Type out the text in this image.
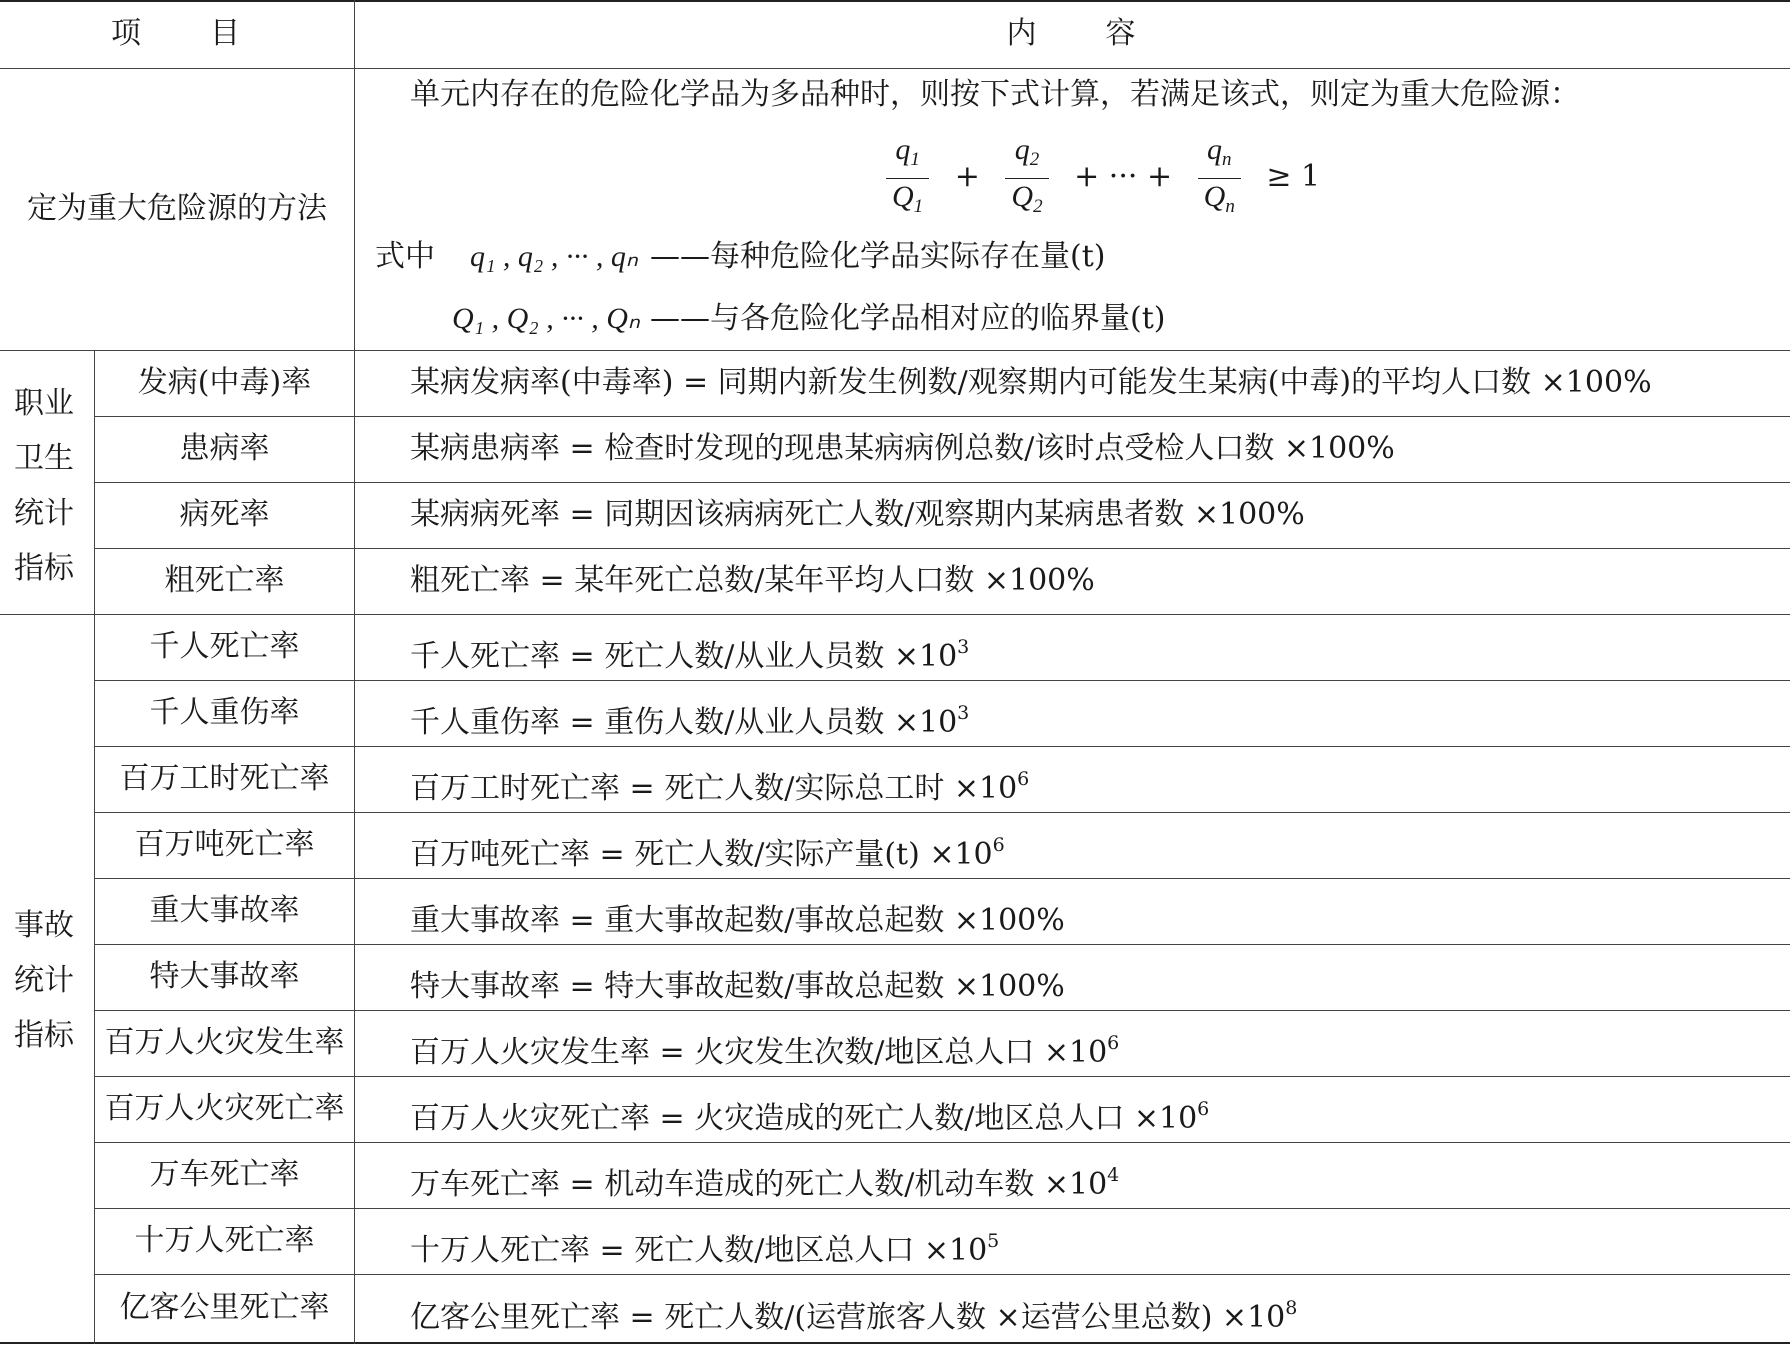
项　　目	内　　容
定为重大危险源的方法
单元内存在的危险化学品为多品种时，则按下式计算，若满足该式，则定为重大危险源：
$\frac{q_1}{Q_1} + \frac{q_2}{Q_2}$ + ··· + $\frac{q_n}{Q_n} \ge 1$
式中 q₁ , q₂ , ··· , qₙ ——每种危险化学品实际存在量(t)
Q₁ , Q₂ , ··· , Qₙ ——与各危险化学品相对应的临界量(t)
职业卫生统计指标
发病(中毒)率	某病发病率(中毒率) = 同期内新发生例数/观察期内可能发生某病(中毒)的平均人口数 ×100%
患病率	某病患病率 = 检查时发现的现患某病病例总数/该时点受检人口数 ×100%
病死率	某病病死率 = 同期因该病病死亡人数/观察期内某病患者数 ×100%
粗死亡率	粗死亡率 = 某年死亡总数/某年平均人口数 ×100%
事故统计指标
千人死亡率	千人死亡率 = 死亡人数/从业人员数 $\times 10^3$
千人重伤率	千人重伤率 = 重伤人数/从业人员数 $\times 10^3$
百万工时死亡率	百万工时死亡率 = 死亡人数/实际总工时 $\times 10^6$
百万吨死亡率	百万吨死亡率 = 死亡人数/实际产量$(t) \times 10^6$
重大事故率	重大事故率 = 重大事故起数/事故总起数 ×100%
特大事故率	特大事故率 = 特大事故起数/事故总起数 ×100%
百万人火灾发生率	百万人火灾发生率 = 火灾发生次数/地区总人口 $\times 10^6$
百万人火灾死亡率	百万人火灾死亡率 = 火灾造成的死亡人数/地区总人口 $\times 10^6$
万车死亡率	万车死亡率 = 机动车造成的死亡人数/机动车数 $\times 10^4$
十万人死亡率	十万人死亡率 = 死亡人数/地区总人口 $\times 10^5$
亿客公里死亡率	亿客公里死亡率 = 死亡人数/(运营旅客人数 ×运营公里总数) $\times 10^8$
